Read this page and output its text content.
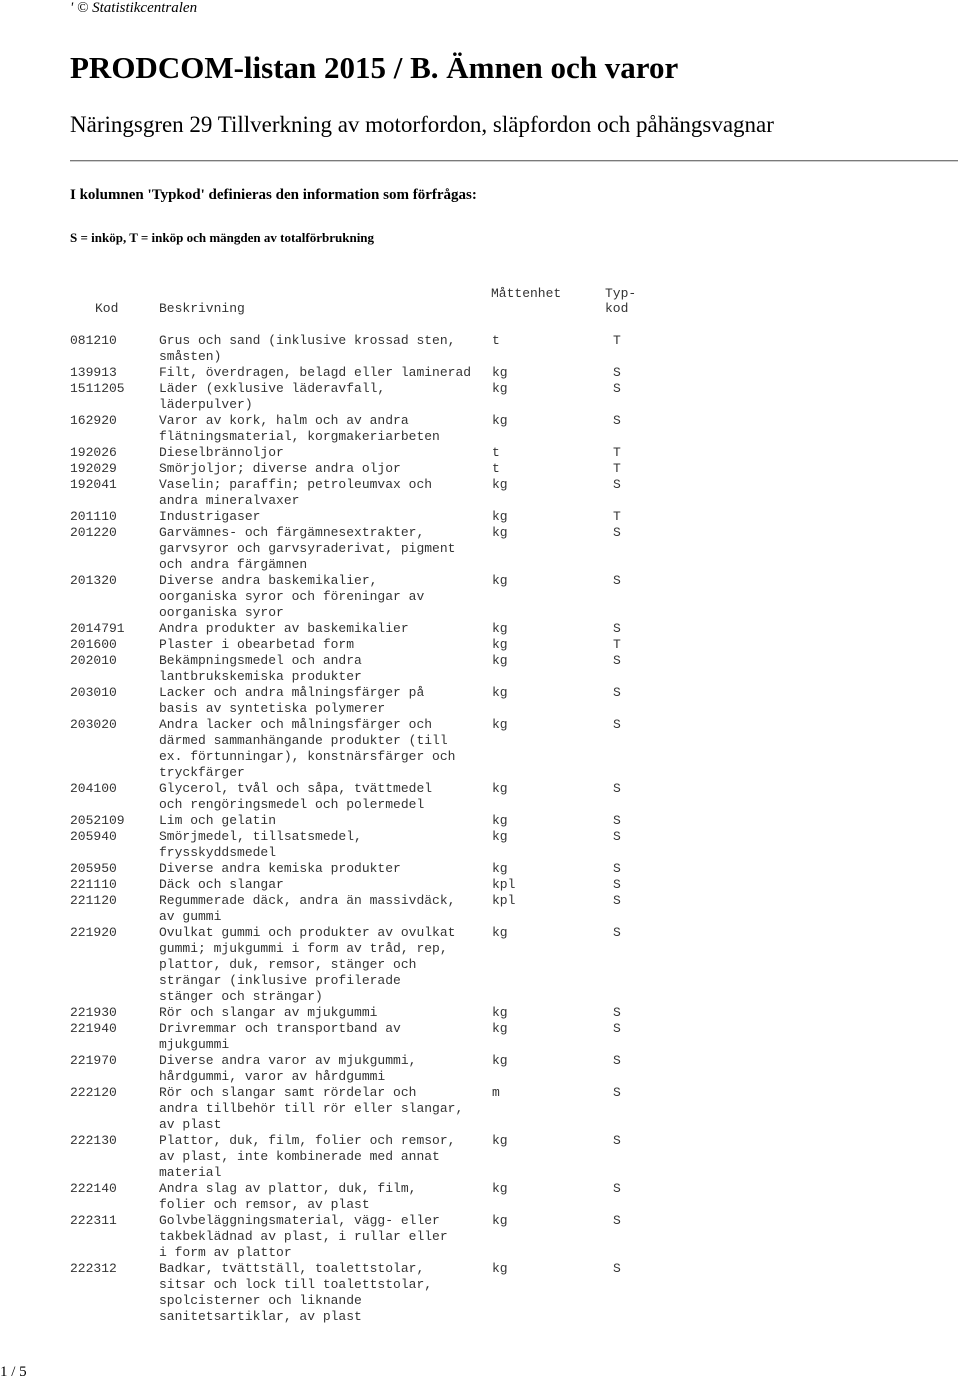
' © Statistikcentralen
PRODCOM-listan 2015 / B. Ämnen och varor
Näringsgren 29 Tillverkning av motorfordon, släpfordon och påhängsvagnar
I kolumnen 'Typkod' definieras den information som förfrågas:
S = inköp, T = inköp och mängden av totalförbrukning
Kod	Beskrivning
Måttenhet	Typ-
kod
081210	Grus och sand (inklusive krossad sten,
småsten)
t	T
139913	Filt, överdragen, belagd eller laminerad	kg	S
1511205	Läder (exklusive läderavfall,
läderpulver)
kg	S
162920	Varor av kork, halm och av andra
flätningsmaterial, korgmakeriarbeten
kg	S
192026	Dieselbrännoljor	t	T
192029	Smörjoljor; diverse andra oljor	t	T
192041	Vaselin; paraffin; petroleumvax och
andra mineralvaxer
kg	S
201110	Industrigaser	kg	T
201220	Garvämnes- och färgämnesextrakter,
garvsyror och garvsyraderivat, pigment
och andra färgämnen
kg	S
201320	Diverse andra baskemikalier,
oorganiska syror och föreningar av
oorganiska syror
kg	S
2014791	Andra produkter av baskemikalier	kg	S
201600	Plaster i obearbetad form	kg	T
202010	Bekämpningsmedel och andra
lantbrukskemiska produkter
kg	S
203010	Lacker och andra målningsfärger på
basis av syntetiska polymerer
kg	S
203020	Andra lacker och målningsfärger och
därmed sammanhängande produkter (till
ex. förtunningar), konstnärsfärger och
tryckfärger
kg	S
204100	Glycerol, tvål och såpa, tvättmedel
och rengöringsmedel och polermedel
kg	S
2052109	Lim och gelatin	kg	S
205940	Smörjmedel, tillsatsmedel,
frysskyddsmedel
kg	S
205950	Diverse andra kemiska produkter	kg	S
221110	Däck och slangar	kpl	S
221120	Regummerade däck, andra än massivdäck,
av gummi
kpl	S
221920	Ovulkat gummi och produkter av ovulkat
gummi; mjukgummi i form av tråd, rep,
plattor, duk, remsor, stänger och
strängar (inklusive profilerade
stänger och strängar)
kg	S
221930	Rör och slangar av mjukgummi	kg	S
221940	Drivremmar och transportband av
mjukgummi
kg	S
221970	Diverse andra varor av mjukgummi,
hårdgummi, varor av hårdgummi
kg	S
222120	Rör och slangar samt rördelar och
andra tillbehör till rör eller slangar,
av plast
m	S
222130	Plattor, duk, film, folier och remsor,
av plast, inte kombinerade med annat
material
kg	S
222140	Andra slag av plattor, duk, film,
folier och remsor, av plast
kg	S
222311	Golvbeläggningsmaterial, vägg- eller
takbeklädnad av plast, i rullar eller
i form av plattor
kg	S
222312	Badkar, tvättställ, toalettstolar,
sitsar och lock till toalettstolar,
spolcisterner och liknande
sanitetsartiklar, av plast
kg	S
1 / 5
